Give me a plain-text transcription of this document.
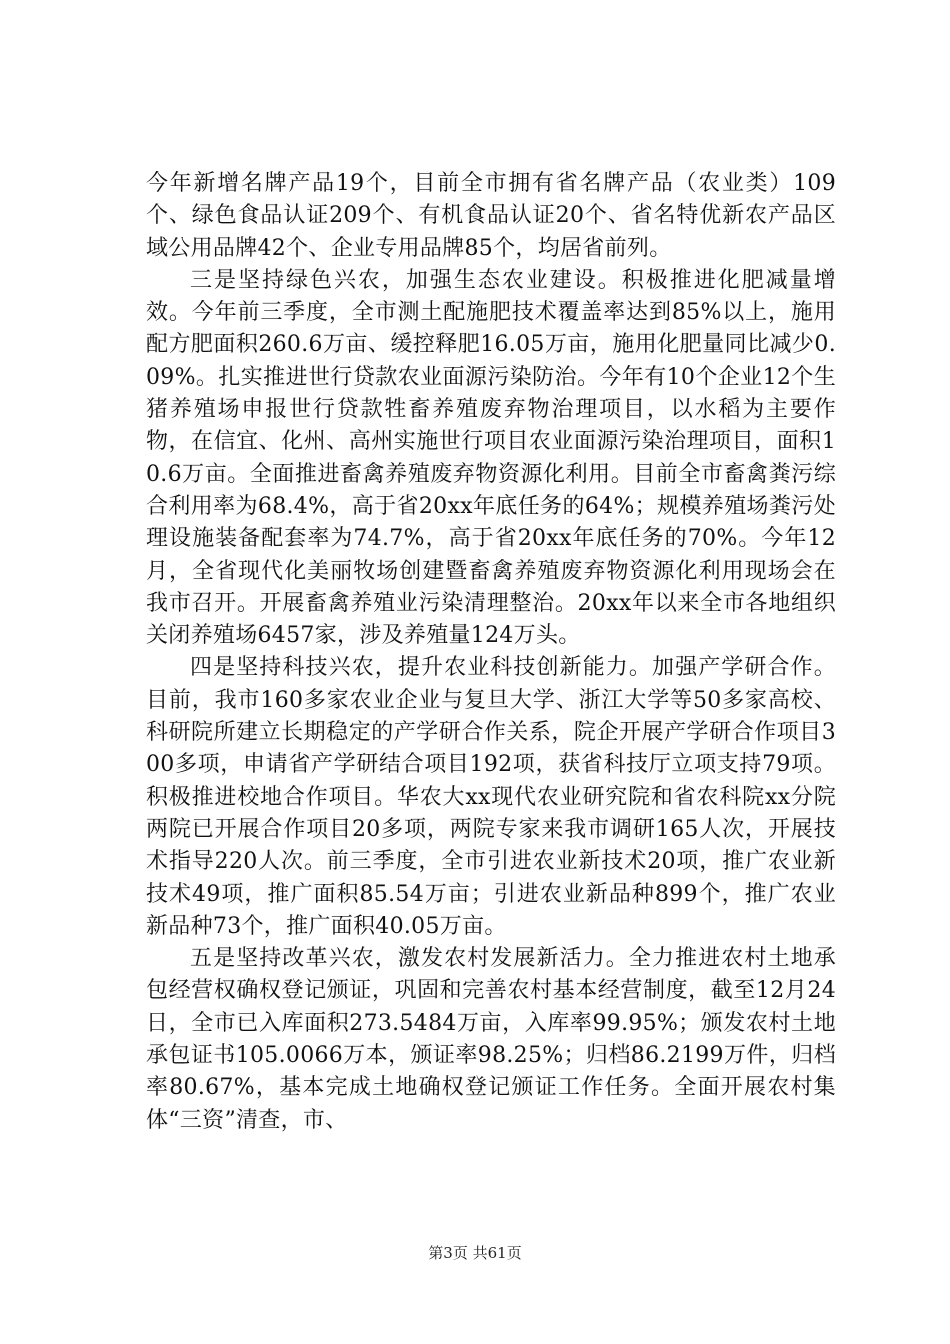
今年新增名牌产品19个，目前全市拥有省名牌产品（农业类）109个、绿色食品认证209个、有机食品认证20个、省名特优新农产品区域公用品牌42个、企业专用品牌85个，均居省前列。

三是坚持绿色兴农，加强生态农业建设。积极推进化肥减量增效。今年前三季度，全市测土配施肥技术覆盖率达到85%以上，施用配方肥面积260.6万亩、缓控释肥16.05万亩，施用化肥量同比减少0.09%。扎实推进世行贷款农业面源污染防治。今年有10个企业12个生猪养殖场申报世行贷款牲畜养殖废弃物治理项目，以水稻为主要作物，在信宜、化州、高州实施世行项目农业面源污染治理项目，面积10.6万亩。全面推进畜禽养殖废弃物资源化利用。目前全市畜禽粪污综合利用率为68.4%，高于省20xx年底任务的64%；规模养殖场粪污处理设施装备配套率为74.7%，高于省20xx年底任务的70%。今年12月，全省现代化美丽牧场创建暨畜禽养殖废弃物资源化利用现场会在我市召开。开展畜禽养殖业污染清理整治。20xx年以来全市各地组织关闭养殖场6457家，涉及养殖量124万头。

四是坚持科技兴农，提升农业科技创新能力。加强产学研合作。目前，我市160多家农业企业与复旦大学、浙江大学等50多家高校、科研院所建立长期稳定的产学研合作关系，院企开展产学研合作项目300多项，申请省产学研结合项目192项，获省科技厅立项支持79项。积极推进校地合作项目。华农大xx现代农业研究院和省农科院xx分院两院已开展合作项目20多项，两院专家来我市调研165人次，开展技术指导220人次。前三季度，全市引进农业新技术20项，推广农业新技术49项，推广面积85.54万亩；引进农业新品种899个，推广农业新品种73个，推广面积40.05万亩。

五是坚持改革兴农，激发农村发展新活力。全力推进农村土地承包经营权确权登记颁证，巩固和完善农村基本经营制度，截至12月24日，全市已入库面积273.5484万亩，入库率99.95%；颁发农村土地承包证书105.0066万本，颁证率98.25%；归档86.2199万件，归档率80.67%，基本完成土地确权登记颁证工作任务。全面开展农村集体“三资”清查，市、

第3页 共61页
